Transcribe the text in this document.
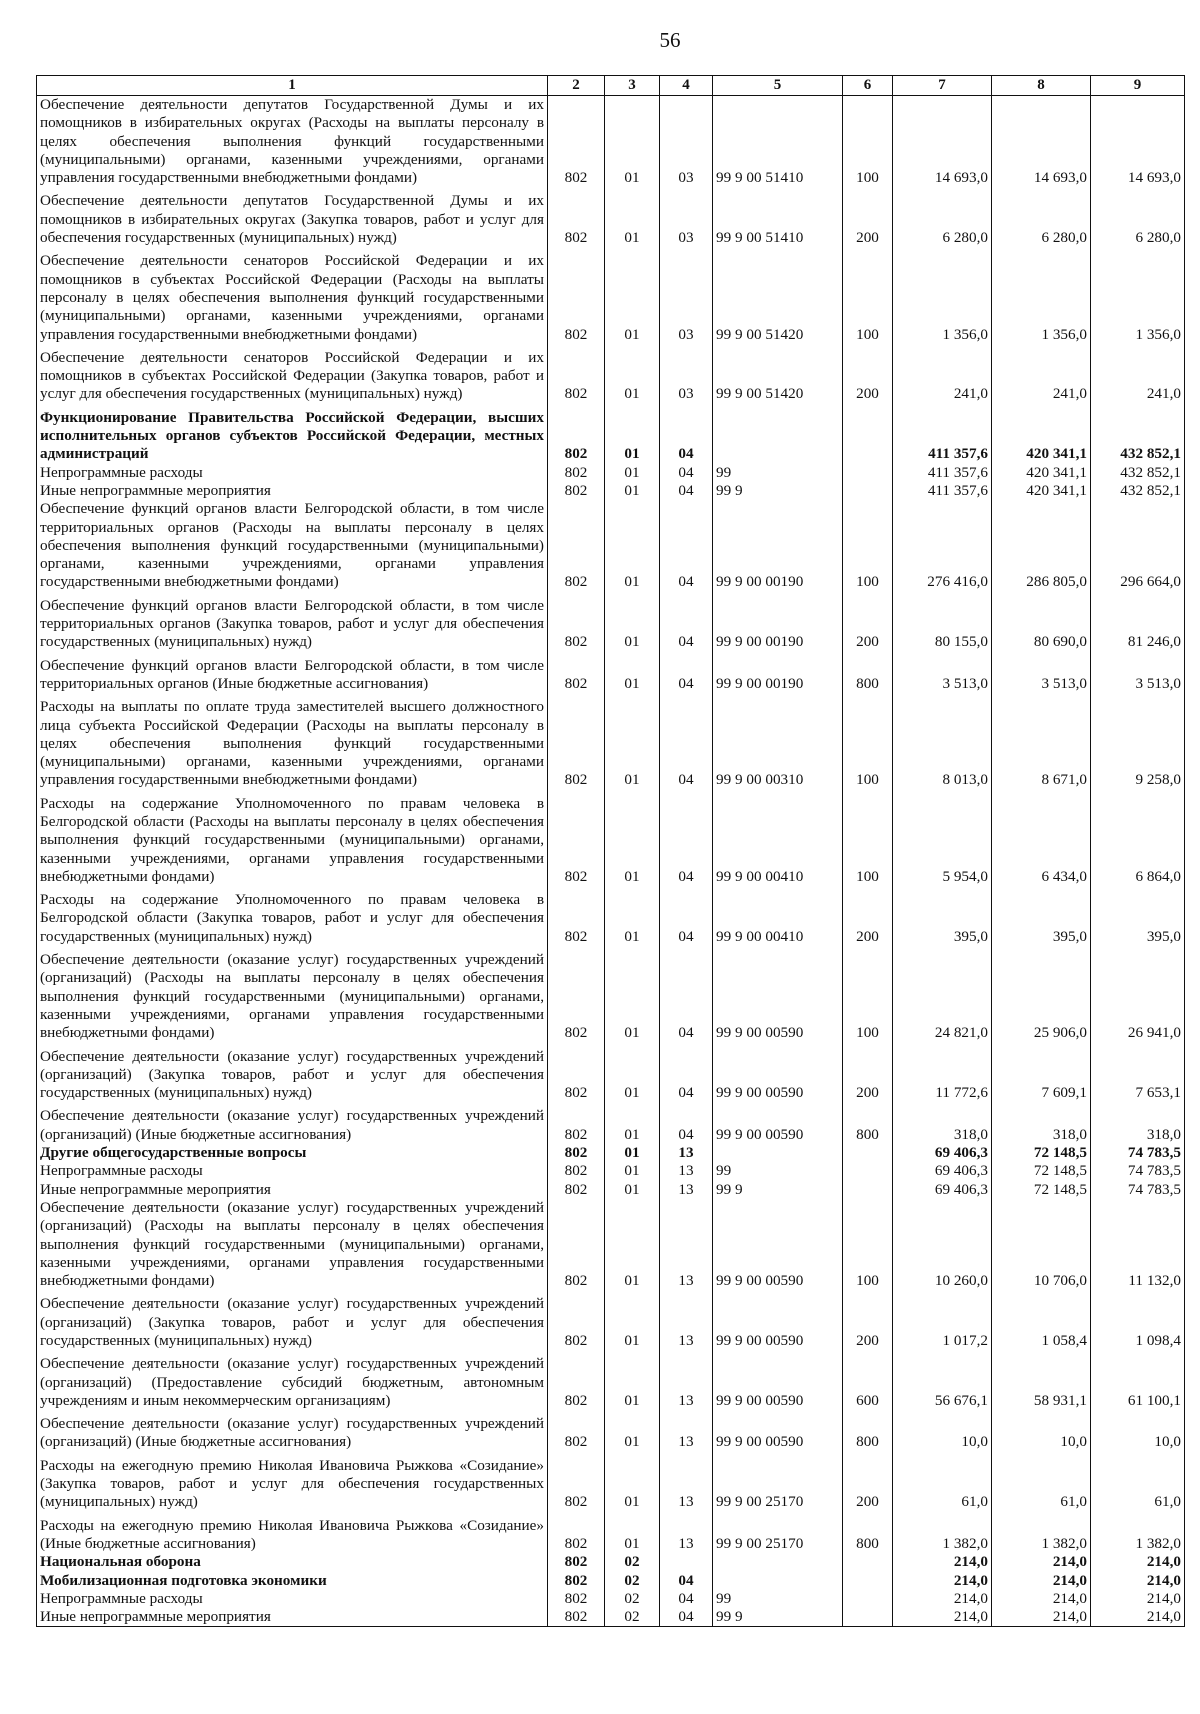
56
1	2	3	4	5	6	7	8	9
Обеспечение деятельности депутатов Государственной Думы и их помощников в избирательных округах (Расходы на выплаты персоналу в целях обеспечения выполнения функций государственными (муниципальными) органами, казенными учреждениями, органами управления государственными внебюджетными фондами)	802	01	03	99 9 00 51410	100	14 693,0	14 693,0	14 693,0
Обеспечение деятельности депутатов Государственной Думы и их помощников в избирательных округах (Закупка товаров, работ и услуг для обеспечения государственных (муниципальных) нужд)	802	01	03	99 9 00 51410	200	6 280,0	6 280,0	6 280,0
Обеспечение деятельности сенаторов Российской Федерации и их помощников в субъектах Российской Федерации (Расходы на выплаты персоналу в целях обеспечения выполнения функций государственными (муниципальными) органами, казенными учреждениями, органами управления государственными внебюджетными фондами)	802	01	03	99 9 00 51420	100	1 356,0	1 356,0	1 356,0
Обеспечение деятельности сенаторов Российской Федерации и их помощников в субъектах Российской Федерации (Закупка товаров, работ и услуг для обеспечения государственных (муниципальных) нужд)	802	01	03	99 9 00 51420	200	241,0	241,0	241,0
Функционирование Правительства Российской Федерации, высших исполнительных органов субъектов Российской Федерации, местных администраций	802	01	04			411 357,6	420 341,1	432 852,1
Непрограммные расходы	802	01	04	99		411 357,6	420 341,1	432 852,1
Иные непрограммные мероприятия	802	01	04	99 9		411 357,6	420 341,1	432 852,1
Обеспечение функций органов власти Белгородской области, в том числе территориальных органов (Расходы на выплаты персоналу в целях обеспечения выполнения функций государственными (муниципальными) органами, казенными учреждениями, органами управления государственными внебюджетными фондами)	802	01	04	99 9 00 00190	100	276 416,0	286 805,0	296 664,0
Обеспечение функций органов власти Белгородской области, в том числе территориальных органов (Закупка товаров, работ и услуг для обеспечения государственных (муниципальных) нужд)	802	01	04	99 9 00 00190	200	80 155,0	80 690,0	81 246,0
Обеспечение функций органов власти Белгородской области, в том числе территориальных органов (Иные бюджетные ассигнования)	802	01	04	99 9 00 00190	800	3 513,0	3 513,0	3 513,0
Расходы на выплаты по оплате труда заместителей высшего должностного лица субъекта Российской Федерации (Расходы на выплаты персоналу в целях обеспечения выполнения функций государственными (муниципальными) органами, казенными учреждениями, органами управления государственными внебюджетными фондами)	802	01	04	99 9 00 00310	100	8 013,0	8 671,0	9 258,0
Расходы на содержание Уполномоченного по правам человека в Белгородской области (Расходы на выплаты персоналу в целях обеспечения выполнения функций государственными (муниципальными) органами, казенными учреждениями, органами управления государственными внебюджетными фондами)	802	01	04	99 9 00 00410	100	5 954,0	6 434,0	6 864,0
Расходы на содержание Уполномоченного по правам человека в Белгородской области (Закупка товаров, работ и услуг для обеспечения государственных (муниципальных) нужд)	802	01	04	99 9 00 00410	200	395,0	395,0	395,0
Обеспечение деятельности (оказание услуг) государственных учреждений (организаций) (Расходы на выплаты персоналу в целях обеспечения выполнения функций государственными (муниципальными) органами, казенными учреждениями, органами управления государственными внебюджетными фондами)	802	01	04	99 9 00 00590	100	24 821,0	25 906,0	26 941,0
Обеспечение деятельности (оказание услуг) государственных учреждений (организаций) (Закупка товаров, работ и услуг для обеспечения государственных (муниципальных) нужд)	802	01	04	99 9 00 00590	200	11 772,6	7 609,1	7 653,1
Обеспечение деятельности (оказание услуг) государственных учреждений (организаций) (Иные бюджетные ассигнования)	802	01	04	99 9 00 00590	800	318,0	318,0	318,0
Другие общегосударственные вопросы	802	01	13			69 406,3	72 148,5	74 783,5
Непрограммные расходы	802	01	13	99		69 406,3	72 148,5	74 783,5
Иные непрограммные мероприятия	802	01	13	99 9		69 406,3	72 148,5	74 783,5
Обеспечение деятельности (оказание услуг) государственных учреждений (организаций) (Расходы на выплаты персоналу в целях обеспечения выполнения функций государственными (муниципальными) органами, казенными учреждениями, органами управления государственными внебюджетными фондами)	802	01	13	99 9 00 00590	100	10 260,0	10 706,0	11 132,0
Обеспечение деятельности (оказание услуг) государственных учреждений (организаций) (Закупка товаров, работ и услуг для обеспечения государственных (муниципальных) нужд)	802	01	13	99 9 00 00590	200	1 017,2	1 058,4	1 098,4
Обеспечение деятельности (оказание услуг) государственных учреждений (организаций) (Предоставление субсидий бюджетным, автономным учреждениям и иным некоммерческим организациям)	802	01	13	99 9 00 00590	600	56 676,1	58 931,1	61 100,1
Обеспечение деятельности (оказание услуг) государственных учреждений (организаций) (Иные бюджетные ассигнования)	802	01	13	99 9 00 00590	800	10,0	10,0	10,0
Расходы на ежегодную премию Николая Ивановича Рыжкова «Созидание» (Закупка товаров, работ и услуг для обеспечения государственных (муниципальных) нужд)	802	01	13	99 9 00 25170	200	61,0	61,0	61,0
Расходы на ежегодную премию Николая Ивановича Рыжкова «Созидание» (Иные бюджетные ассигнования)	802	01	13	99 9 00 25170	800	1 382,0	1 382,0	1 382,0
Национальная оборона	802	02				214,0	214,0	214,0
Мобилизационная подготовка экономики	802	02	04			214,0	214,0	214,0
Непрограммные расходы	802	02	04	99		214,0	214,0	214,0
Иные непрограммные мероприятия	802	02	04	99 9		214,0	214,0	214,0
